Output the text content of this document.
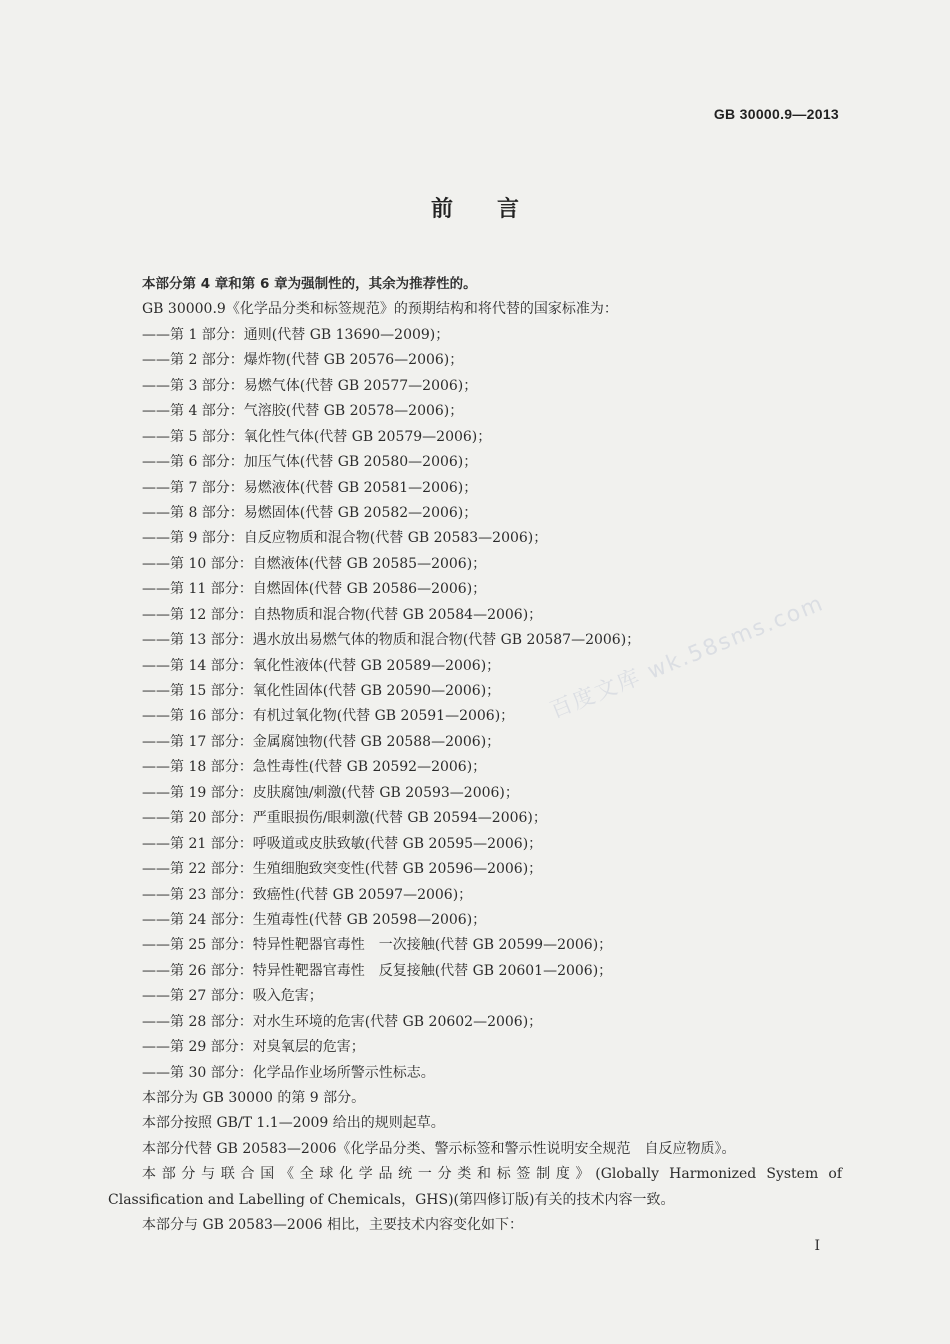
GB 30000.9—2013
前言
本部分第 4 章和第 6 章为强制性的，其余为推荐性的。
GB 30000.9《化学品分类和标签规范》的预期结构和将代替的国家标准为：
——第 1 部分：通则(代替 GB 13690—2009)；
——第 2 部分：爆炸物(代替 GB 20576—2006)；
——第 3 部分：易燃气体(代替 GB 20577—2006)；
——第 4 部分：气溶胶(代替 GB 20578—2006)；
——第 5 部分：氧化性气体(代替 GB 20579—2006)；
——第 6 部分：加压气体(代替 GB 20580—2006)；
——第 7 部分：易燃液体(代替 GB 20581—2006)；
——第 8 部分：易燃固体(代替 GB 20582—2006)；
——第 9 部分：自反应物质和混合物(代替 GB 20583—2006)；
——第 10 部分：自燃液体(代替 GB 20585—2006)；
——第 11 部分：自燃固体(代替 GB 20586—2006)；
——第 12 部分：自热物质和混合物(代替 GB 20584—2006)；
——第 13 部分：遇水放出易燃气体的物质和混合物(代替 GB 20587—2006)；
——第 14 部分：氧化性液体(代替 GB 20589—2006)；
——第 15 部分：氧化性固体(代替 GB 20590—2006)；
——第 16 部分：有机过氧化物(代替 GB 20591—2006)；
——第 17 部分：金属腐蚀物(代替 GB 20588—2006)；
——第 18 部分：急性毒性(代替 GB 20592—2006)；
——第 19 部分：皮肤腐蚀/刺激(代替 GB 20593—2006)；
——第 20 部分：严重眼损伤/眼刺激(代替 GB 20594—2006)；
——第 21 部分：呼吸道或皮肤致敏(代替 GB 20595—2006)；
——第 22 部分：生殖细胞致突变性(代替 GB 20596—2006)；
——第 23 部分：致癌性(代替 GB 20597—2006)；
——第 24 部分：生殖毒性(代替 GB 20598—2006)；
——第 25 部分：特异性靶器官毒性　一次接触(代替 GB 20599—2006)；
——第 26 部分：特异性靶器官毒性　反复接触(代替 GB 20601—2006)；
——第 27 部分：吸入危害；
——第 28 部分：对水生环境的危害(代替 GB 20602—2006)；
——第 29 部分：对臭氧层的危害；
——第 30 部分：化学品作业场所警示性标志。
本部分为 GB 30000 的第 9 部分。
本部分按照 GB/T 1.1—2009 给出的规则起草。
本部分代替 GB 20583—2006《化学品分类、警示标签和警示性说明安全规范　自反应物质》。
本部分与联合国《全球化学品统一分类和标签制度》(Globally Harmonized System of
Classification and Labelling of Chemicals，GHS)(第四修订版)有关的技术内容一致。
本部分与 GB 20583—2006 相比，主要技术内容变化如下：
I
百度文库 wk.58sms.com
